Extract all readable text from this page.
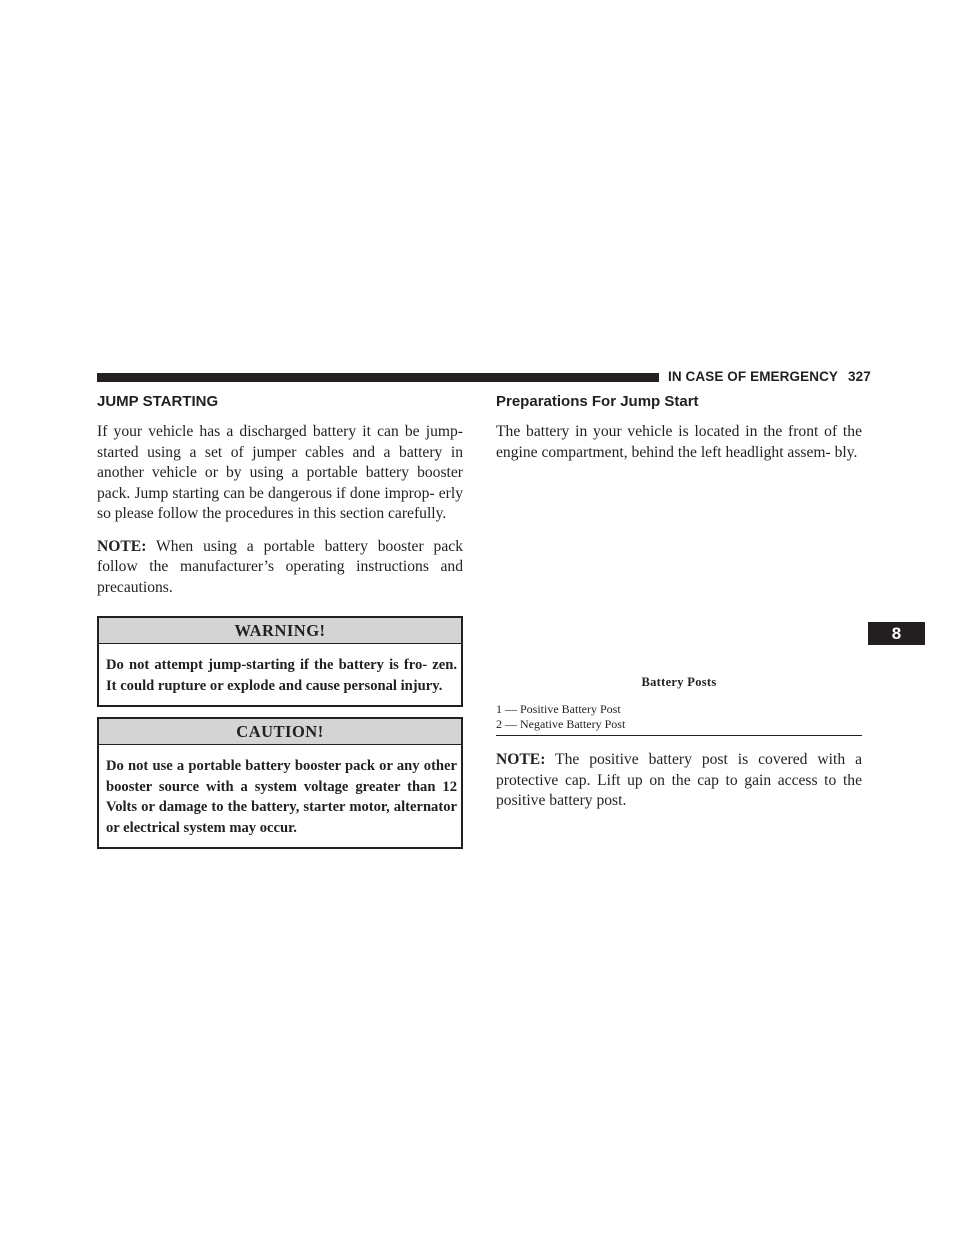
IN CASE OF EMERGENCY 327
JUMP STARTING

If your vehicle has a discharged battery it can be jump-started using a set of jumper cables and a battery in another vehicle or by using a portable battery booster pack. Jump starting can be dangerous if done improp- erly so please follow the procedures in this section carefully.

NOTE: When using a portable battery booster pack follow the manufacturer’s operating instructions and precautions.

WARNING!
Do not attempt jump-starting if the battery is fro- zen. It could rupture or explode and cause personal injury.
CAUTION!
Do not use a portable battery booster pack or any other booster source with a system voltage greater than 12 Volts or damage to the battery, starter motor, alternator or electrical system may occur.
Preparations For Jump Start

The battery in your vehicle is located in the front of the engine compartment, behind the left headlight assem- bly.

Battery Posts
1 — Positive Battery Post
2 — Negative Battery Post

NOTE: The positive battery post is covered with a protective cap. Lift up on the cap to gain access to the positive battery post.

8
